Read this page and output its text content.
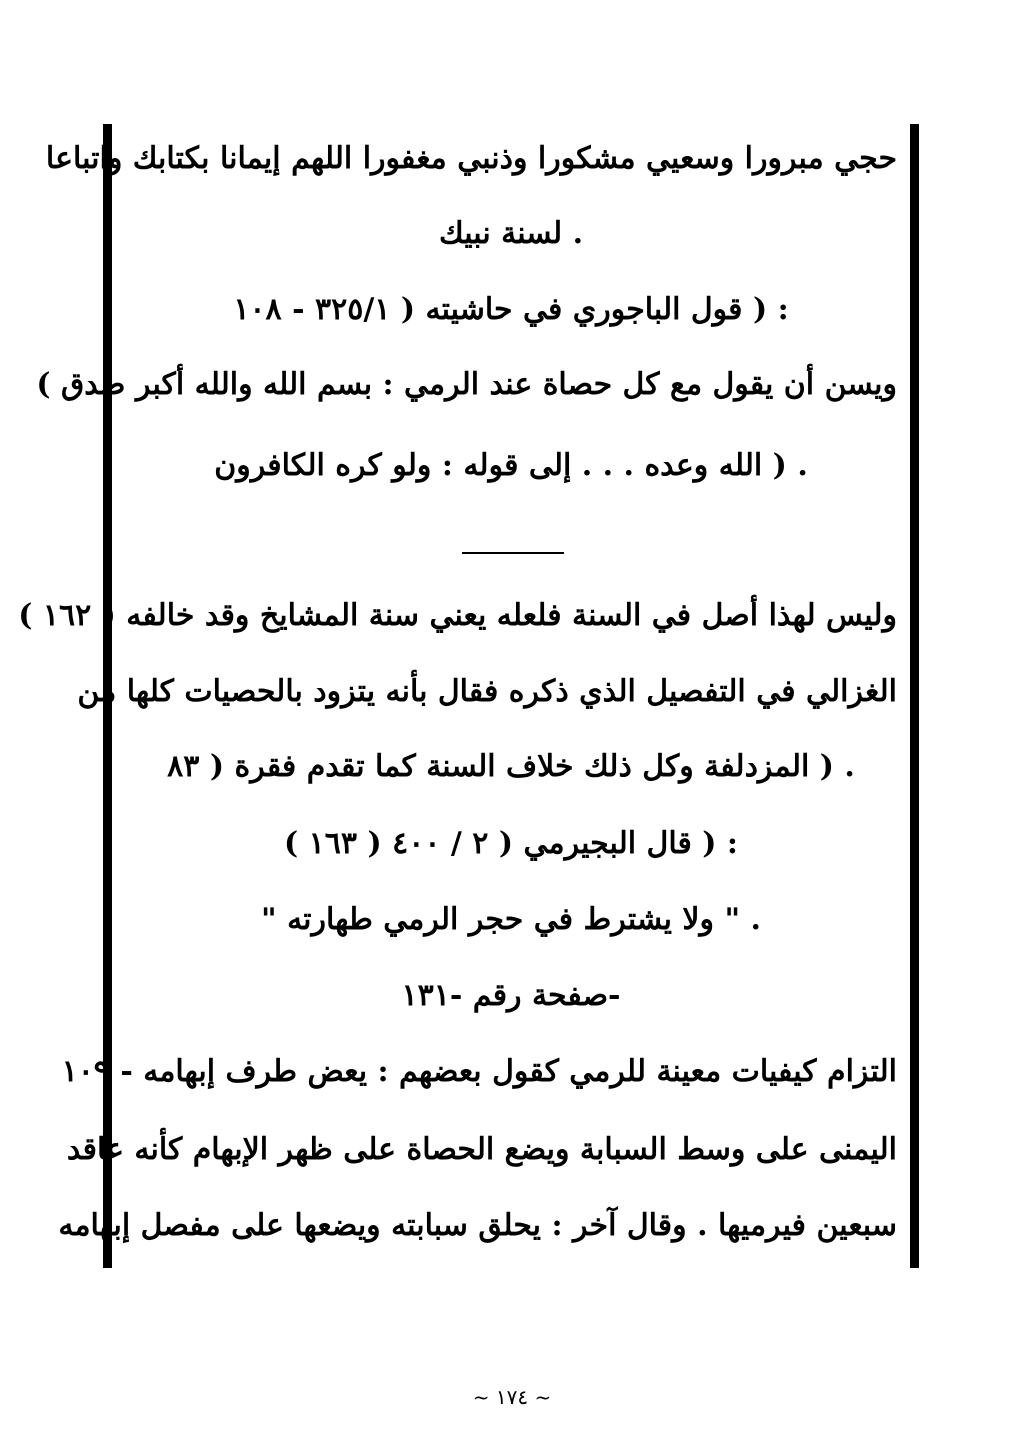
حجي مبرورا وسعيي مشكورا وذنبي مغفورا اللهم إيمانا بكتابك واتباعا
. لسنة نبيك
: ( قول الباجوري في حاشيته ( ٣٢٥/١ - ١٠٨
ويسن أن يقول مع كل حصاة عند الرمي : بسم الله والله أكبر صدق )
. ( الله وعده . . . إلى قوله : ولو كره الكافرون
وليس لهذا أصل في السنة فلعله يعني سنة المشايخ وقد خالفه ( ١٦٢ )
الغزالي في التفصيل الذي ذكره فقال بأنه يتزود بالحصيات كلها من
. ( المزدلفة وكل ذلك خلاف السنة كما تقدم فقرة ( ٨٣
: ( قال البجيرمي ( ٢ / ٤٠٠ ( ١٦٣ )
. " ولا يشترط في حجر الرمي طهارته "
-صفحة رقم -١٣١
التزام كيفيات معينة للرمي كقول بعضهم : يعض طرف إبهامه - ١٠٩
اليمنى على وسط السبابة ويضع الحصاة على ظهر الإبهام كأنه عاقد
سبعين فيرميها . وقال آخر : يحلق سبابته ويضعها على مفصل إبهامه
~ ١٧٤ ~
